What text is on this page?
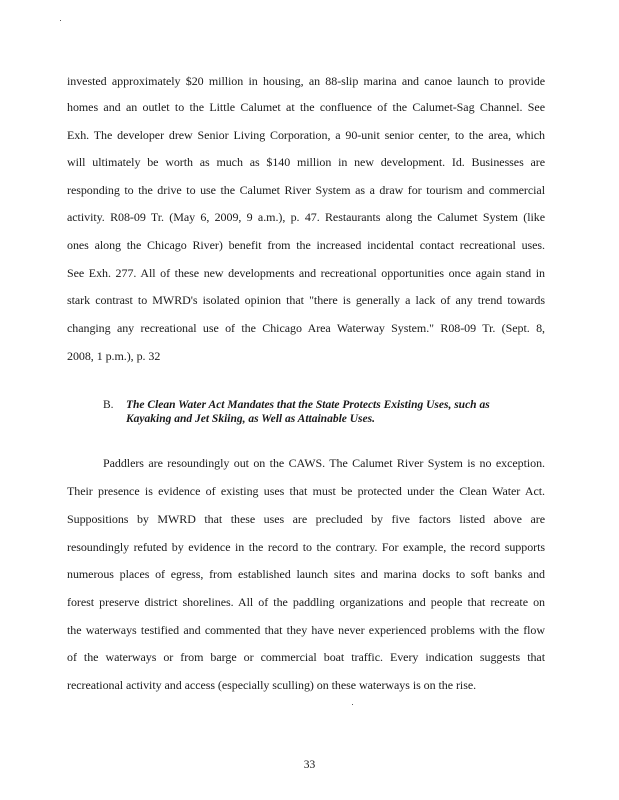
invested approximately $20 million in housing, an 88-slip marina and canoe launch to provide
homes and an outlet to the Little Calumet at the confluence of the Calumet-Sag Channel. See
Exh. The developer drew Senior Living Corporation, a 90-unit senior center, to the area, which
will ultimately be worth as much as $140 million in new development. Id. Businesses are
responding to the drive to use the Calumet River System as a draw for tourism and commercial
activity. R08-09 Tr. (May 6, 2009, 9 a.m.), p. 47. Restaurants along the Calumet System (like
ones along the Chicago River) benefit from the increased incidental contact recreational uses.
See Exh. 277. All of these new developments and recreational opportunities once again stand in
stark contrast to MWRD's isolated opinion that "there is generally a lack of any trend towards
changing any recreational use of the Chicago Area Waterway System." R08-09 Tr. (Sept. 8,
2008, 1 p.m.), p. 32
B. The Clean Water Act Mandates that the State Protects Existing Uses, such as
Kayaking and Jet Skiing, as Well as Attainable Uses.
Paddlers are resoundingly out on the CAWS. The Calumet River System is no exception.
Their presence is evidence of existing uses that must be protected under the Clean Water Act.
Suppositions by MWRD that these uses are precluded by five factors listed above are
resoundingly refuted by evidence in the record to the contrary. For example, the record supports
numerous places of egress, from established launch sites and marina docks to soft banks and
forest preserve district shorelines. All of the paddling organizations and people that recreate on
the waterways testified and commented that they have never experienced problems with the flow
of the waterways or from barge or commercial boat traffic. Every indication suggests that
recreational activity and access (especially sculling) on these waterways is on the rise.
33
